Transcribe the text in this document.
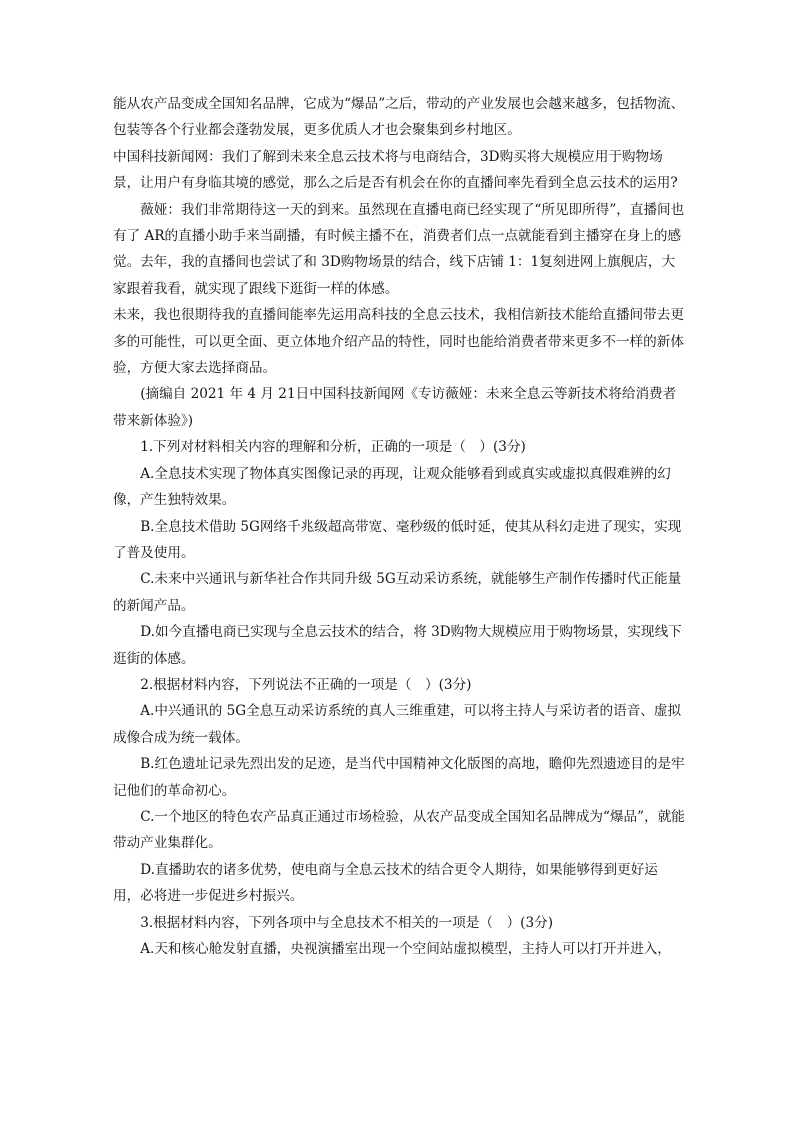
能从农产品变成全国知名品牌，它成为“爆品”之后，带动的产业发展也会越来越多，包括物流、包装等各个行业都会蓬勃发展，更多优质人才也会聚集到乡村地区。

中国科技新闻网：我们了解到未来全息云技术将与电商结合，3D购买将大规模应用于购物场景，让用户有身临其境的感觉，那么之后是否有机会在你的直播间率先看到全息云技术的运用?

薇娅：我们非常期待这一天的到来。虽然现在直播电商已经实现了“所见即所得”，直播间也有了 AR的直播小助手来当副播，有时候主播不在，消费者们点一点就能看到主播穿在身上的感觉。去年，我的直播间也尝试了和 3D购物场景的结合，线下店铺 1：1复刻进网上旗舰店，大家跟着我看，就实现了跟线下逛街一样的体感。

未来，我也很期待我的直播间能率先运用高科技的全息云技术，我相信新技术能给直播间带去更多的可能性，可以更全面、更立体地介绍产品的特性，同时也能给消费者带来更多不一样的新体验，方便大家去选择商品。

(摘编自 2021 年 4 月 21日中国科技新闻网《专访薇娅：未来全息云等新技术将给消费者带来新体验》)

1.下列对材料相关内容的理解和分析，正确的一项是（　）(3分)

A.全息技术实现了物体真实图像记录的再现，让观众能够看到或真实或虚拟真假难辨的幻像，产生独特效果。

B.全息技术借助 5G网络千兆级超高带宽、毫秒级的低时延，使其从科幻走进了现实，实现了普及使用。

C.未来中兴通讯与新华社合作共同升级 5G互动采访系统，就能够生产制作传播时代正能量的新闻产品。

D.如今直播电商已实现与全息云技术的结合，将 3D购物大规模应用于购物场景，实现线下逛街的体感。

2.根据材料内容，下列说法不正确的一项是（　）(3分)

A.中兴通讯的 5G全息互动采访系统的真人三维重建，可以将主持人与采访者的语音、虚拟成像合成为统一载体。

B.红色遗址记录先烈出发的足迹，是当代中国精神文化版图的高地，瞻仰先烈遗迹目的是牢记他们的革命初心。

C.一个地区的特色农产品真正通过市场检验，从农产品变成全国知名品牌成为“爆品”，就能带动产业集群化。

D.直播助农的诸多优势，使电商与全息云技术的结合更令人期待，如果能够得到更好运用，必将进一步促进乡村振兴。

3.根据材料内容，下列各项中与全息技术不相关的一项是（　）(3分)

A.天和核心舱发射直播，央视演播室出现一个空间站虚拟模型，主持人可以打开并进入，
